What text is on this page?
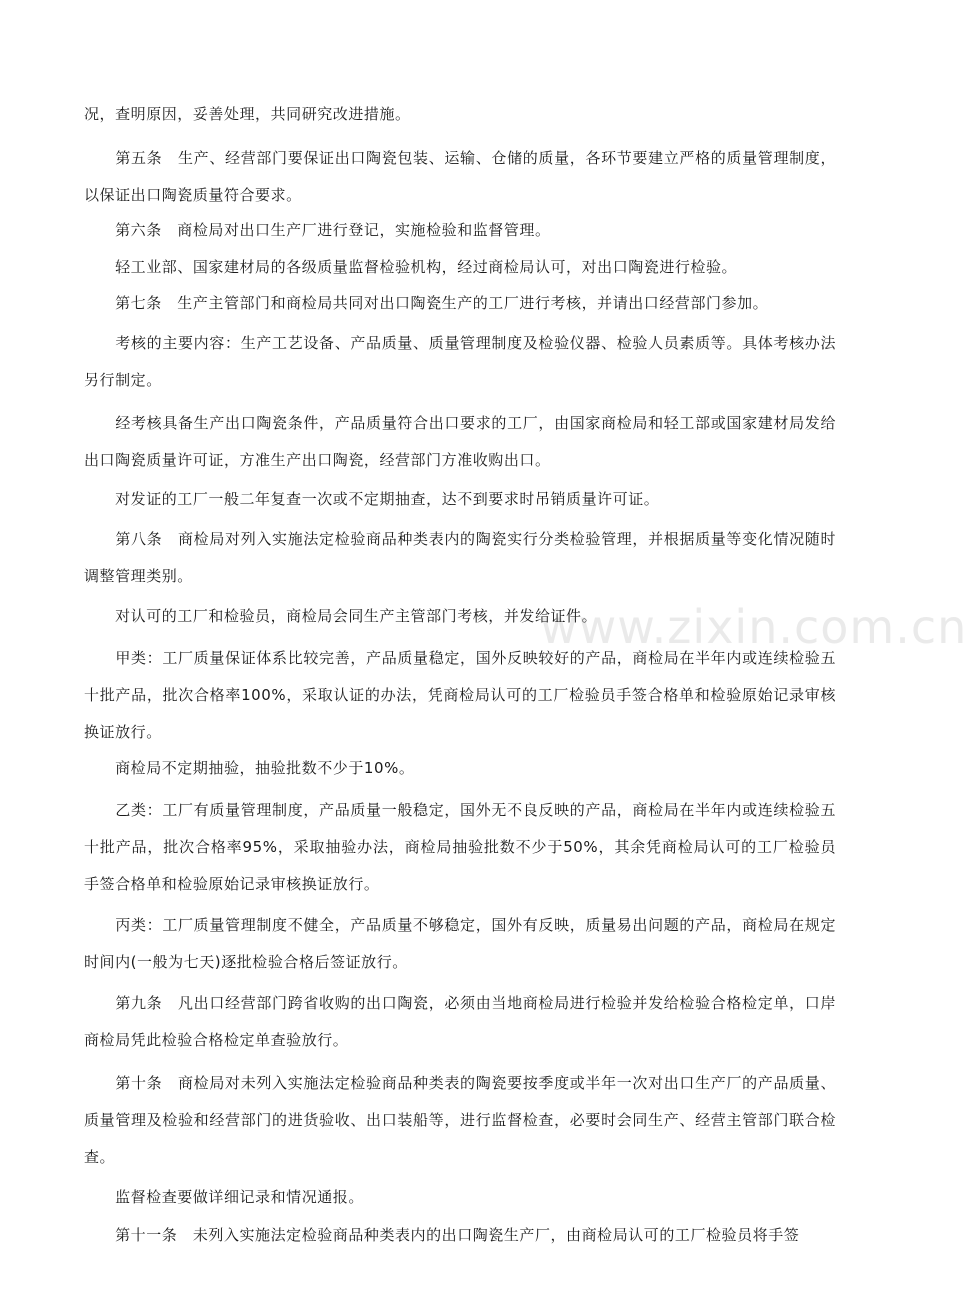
www.zixin.com.cn

况，查明原因，妥善处理，共同研究改进措施。

　　第五条　生产、经营部门要保证出口陶瓷包装、运输、仓储的质量，各环节要建立严格的质量管理制度，以保证出口陶瓷质量符合要求。

　　第六条　商检局对出口生产厂进行登记，实施检验和监督管理。

　　轻工业部、国家建材局的各级质量监督检验机构，经过商检局认可，对出口陶瓷进行检验。

　　第七条　生产主管部门和商检局共同对出口陶瓷生产的工厂进行考核，并请出口经营部门参加。

　　考核的主要内容：生产工艺设备、产品质量、质量管理制度及检验仪器、检验人员素质等。具体考核办法另行制定。

　　经考核具备生产出口陶瓷条件，产品质量符合出口要求的工厂，由国家商检局和轻工部或国家建材局发给出口陶瓷质量许可证，方准生产出口陶瓷，经营部门方准收购出口。

　　对发证的工厂一般二年复查一次或不定期抽查，达不到要求时吊销质量许可证。

　　第八条　商检局对列入实施法定检验商品种类表内的陶瓷实行分类检验管理，并根据质量等变化情况随时调整管理类别。

　　对认可的工厂和检验员，商检局会同生产主管部门考核，并发给证件。

　　甲类：工厂质量保证体系比较完善，产品质量稳定，国外反映较好的产品，商检局在半年内或连续检验五十批产品，批次合格率100%，采取认证的办法，凭商检局认可的工厂检验员手签合格单和检验原始记录审核换证放行。

　　商检局不定期抽验，抽验批数不少于10%。

　　乙类：工厂有质量管理制度，产品质量一般稳定，国外无不良反映的产品，商检局在半年内或连续检验五十批产品，批次合格率95%，采取抽验办法，商检局抽验批数不少于50%，其余凭商检局认可的工厂检验员手签合格单和检验原始记录审核换证放行。

　　丙类：工厂质量管理制度不健全，产品质量不够稳定，国外有反映，质量易出问题的产品，商检局在规定时间内(一般为七天)逐批检验合格后签证放行。

　　第九条　凡出口经营部门跨省收购的出口陶瓷，必须由当地商检局进行检验并发给检验合格检定单，口岸商检局凭此检验合格检定单查验放行。

　　第十条　商检局对未列入实施法定检验商品种类表的陶瓷要按季度或半年一次对出口生产厂的产品质量、质量管理及检验和经营部门的进货验收、出口装船等，进行监督检查，必要时会同生产、经营主管部门联合检查。

　　监督检查要做详细记录和情况通报。

　　第十一条　未列入实施法定检验商品种类表内的出口陶瓷生产厂，由商检局认可的工厂检验员将手签
